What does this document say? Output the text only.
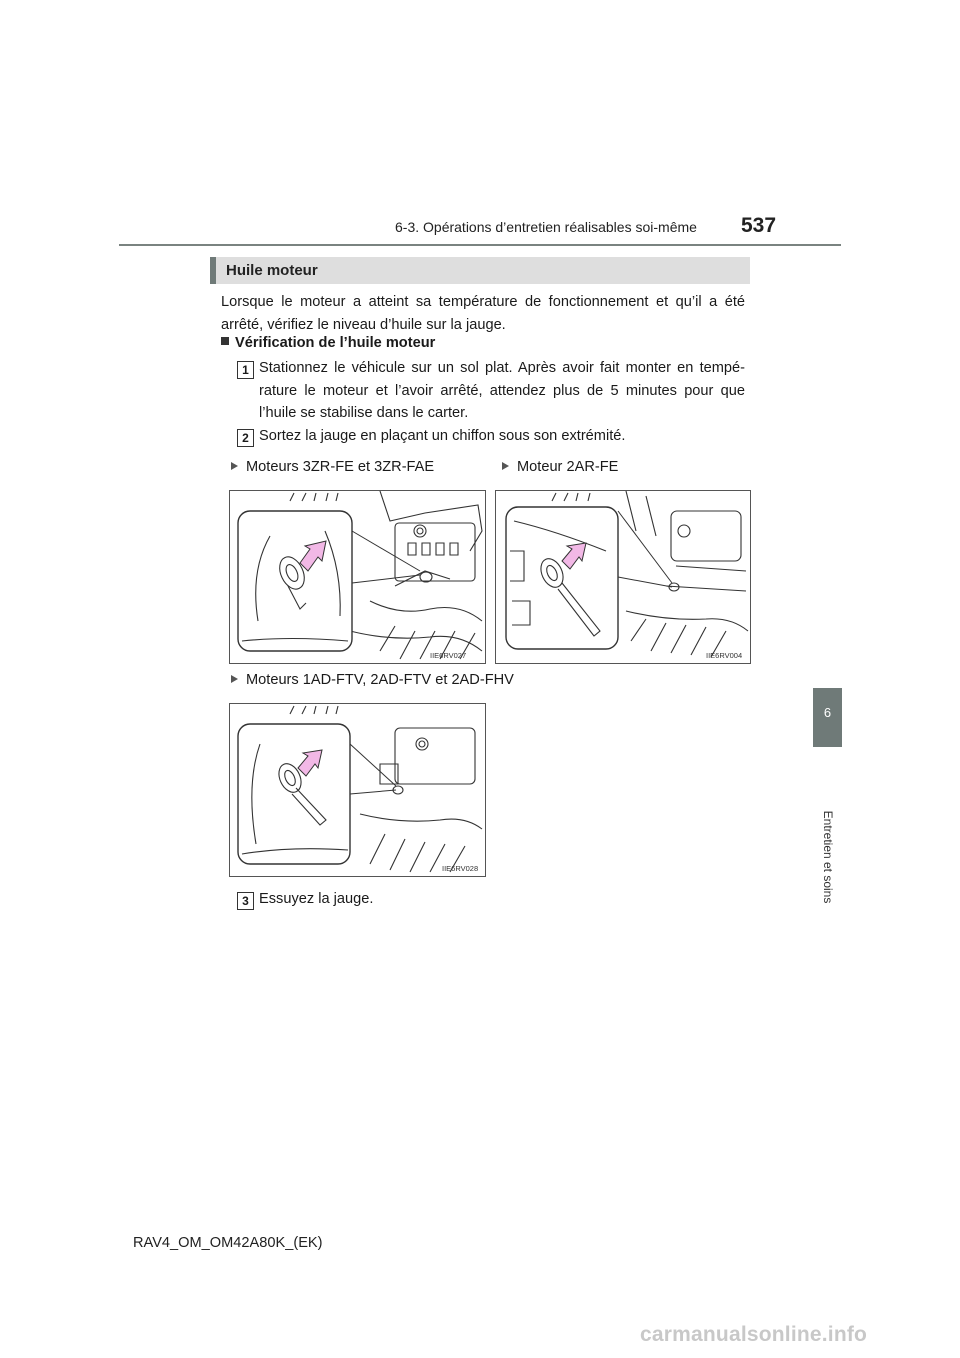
6-3. Opérations d’entretien réalisables soi-même 537
6
Entretien et soins
Huile moteur
Lorsque le moteur a atteint sa température de fonctionnement et qu’il a été arrêté, vérifiez le niveau d’huile sur la jauge.
Vérification de l’huile moteur
1 Stationnez le véhicule sur un sol plat. Après avoir fait monter en tempé-rature le moteur et l’avoir arrêté, attendez plus de 5 minutes pour que l’huile se stabilise dans le carter.
2 Sortez la jauge en plaçant un chiffon sous son extrémité.
Moteurs 3ZR-FE et 3ZR-FAE	Moteur 2AR-FE
IIE6RV027	IIE6RV004
Moteurs 1AD-FTV, 2AD-FTV et 2AD-FHV
IIE6RV028
3 Essuyez la jauge.
RAV4_OM_OM42A80K_(EK)
carmanualsonline.info
